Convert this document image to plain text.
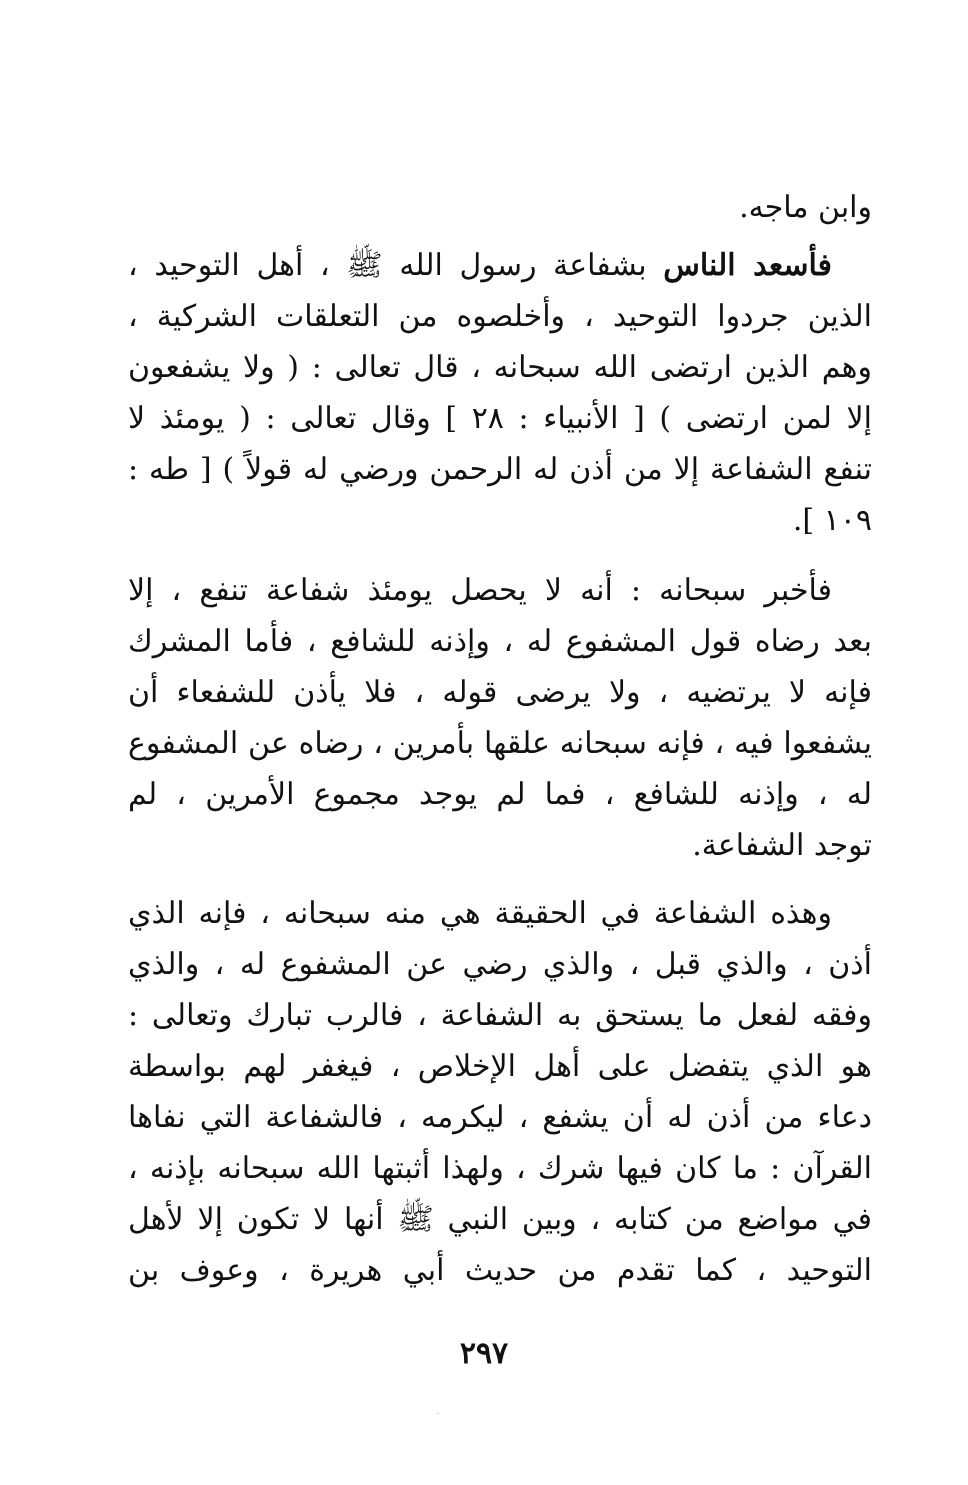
وابن ماجه.
فأسعد الناس بشفاعة رسول الله ﷺ ، أهل التوحيد ،
الذين جردوا التوحيد ، وأخلصوه من التعلقات الشركية ،
وهم الذين ارتضى الله سبحانه ، قال تعالى : ( ولا يشفعون
إلا لمن ارتضى ) [ الأنبياء : ٢٨ ] وقال تعالى : ( يومئذ لا
تنفع الشفاعة إلا من أذن له الرحمن ورضي له قولاً ) [ طه :
١٠٩ ].
فأخبر سبحانه : أنه لا يحصل يومئذ شفاعة تنفع ، إلا
بعد رضاه قول المشفوع له ، وإذنه للشافع ، فأما المشرك
فإنه لا يرتضيه ، ولا يرضى قوله ، فلا يأذن للشفعاء أن
يشفعوا فيه ، فإنه سبحانه علقها بأمرين ، رضاه عن المشفوع
له ، وإذنه للشافع ، فما لم يوجد مجموع الأمرين ، لم
توجد الشفاعة.
وهذه الشفاعة في الحقيقة هي منه سبحانه ، فإنه الذي
أذن ، والذي قبل ، والذي رضي عن المشفوع له ، والذي
وفقه لفعل ما يستحق به الشفاعة ، فالرب تبارك وتعالى :
هو الذي يتفضل على أهل الإخلاص ، فيغفر لهم بواسطة
دعاء من أذن له أن يشفع ، ليكرمه ، فالشفاعة التي نفاها
القرآن : ما كان فيها شرك ، ولهذا أثبتها الله سبحانه بإذنه ،
في مواضع من كتابه ، وبين النبي ﷺ أنها لا تكون إلا لأهل
التوحيد ، كما تقدم من حديث أبي هريرة ، وعوف بن
٢٩٧
